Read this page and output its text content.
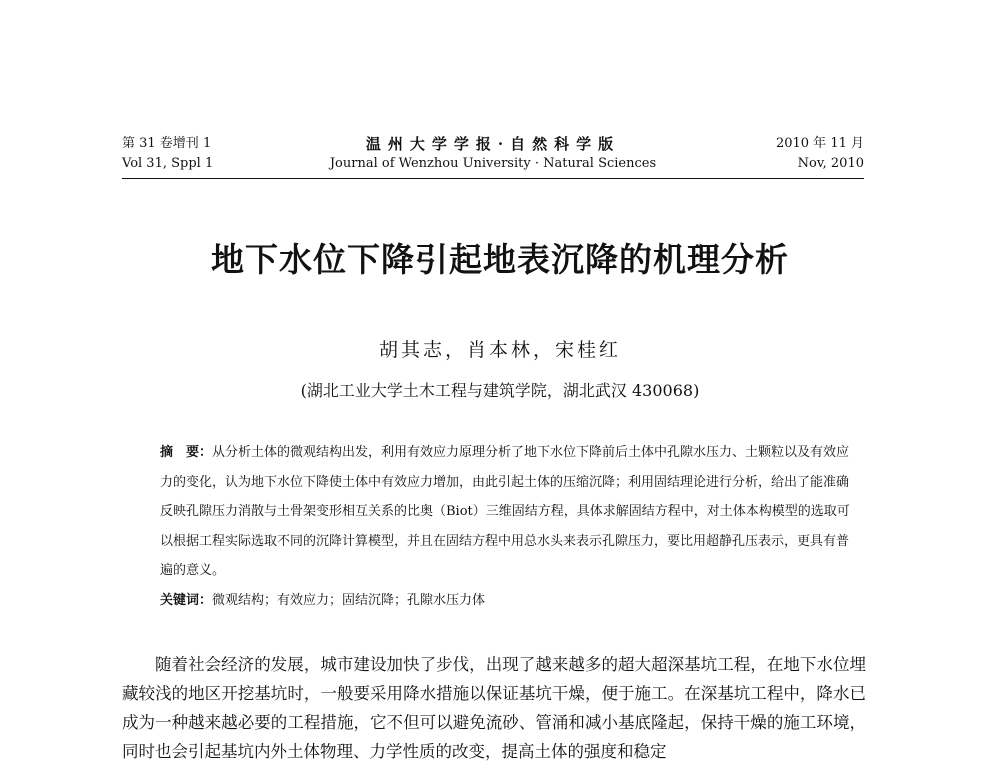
第 31 卷增刊 1
Vol 31, Sppl 1
温州大学学报·自然科学版
Journal of Wenzhou University · Natural Sciences
2010 年 11 月
Nov, 2010
地下水位下降引起地表沉降的机理分析
胡其志，肖本林，宋桂红
(湖北工业大学土木工程与建筑学院，湖北武汉 430068)

摘　要：从分析土体的微观结构出发，利用有效应力原理分析了地下水位下降前后土体中孔隙水压力、土颗粒以及有效应力的变化，认为地下水位下降使土体中有效应力增加，由此引起土体的压缩沉降；利用固结理论进行分析，给出了能准确反映孔隙压力消散与土骨架变形相互关系的比奥（Biot）三维固结方程，具体求解固结方程中，对土体本构模型的选取可以根据工程实际选取不同的沉降计算模型，并且在固结方程中用总水头来表示孔隙压力，要比用超静孔压表示，更具有普遍的意义。

关键词：微观结构；有效应力；固结沉降；孔隙水压力体

随着社会经济的发展，城市建设加快了步伐，出现了越来越多的超大超深基坑工程，在地下水位埋藏较浅的地区开挖基坑时，一般要采用降水措施以保证基坑干燥，便于施工。在深基坑工程中，降水已成为一种越来越必要的工程措施，它不但可以避免流砂、管涌和减小基底隆起，保持干燥的施工环境，同时也会引起基坑内外土体物理、力学性质的改变，提高土体的强度和稳定
